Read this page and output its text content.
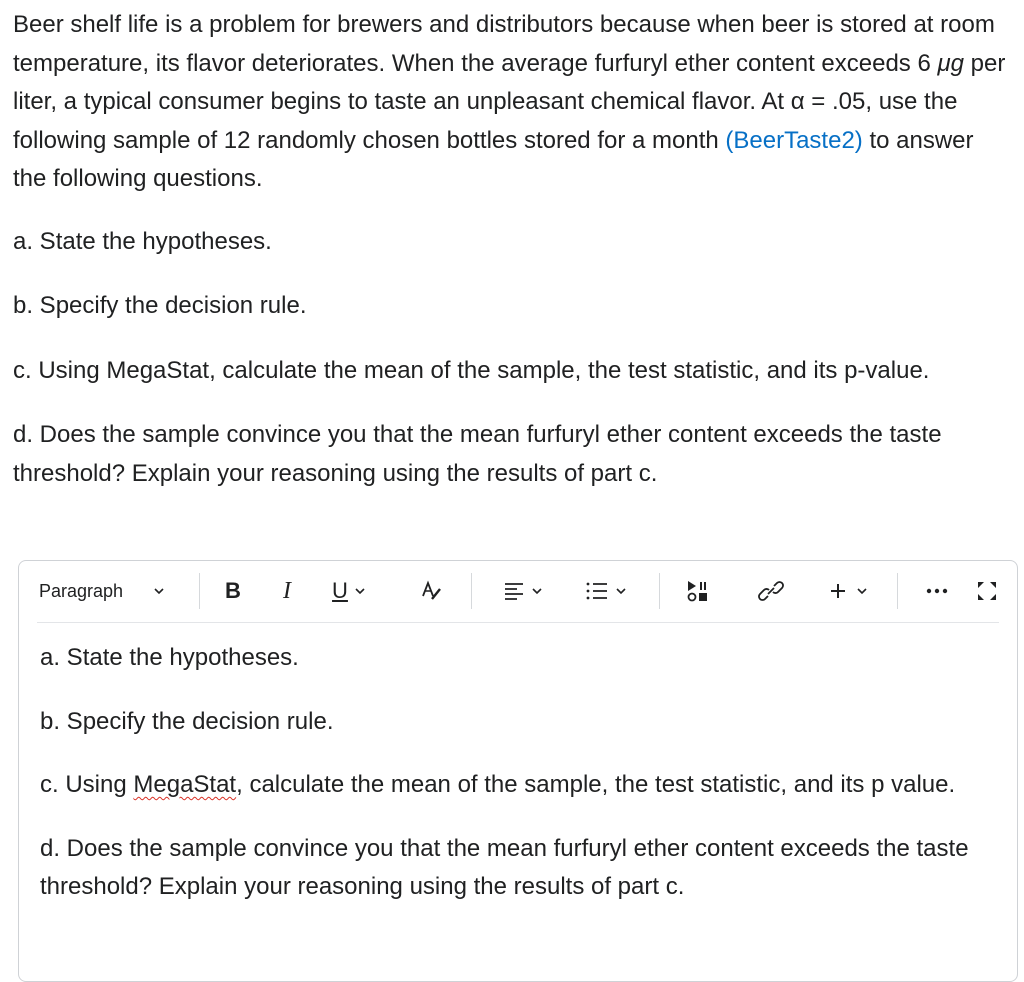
Beer shelf life is a problem for brewers and distributors because when beer is stored at room temperature, its flavor deteriorates. When the average furfuryl ether content exceeds 6 μg per liter, a typical consumer begins to taste an unpleasant chemical flavor. At α = .05, use the following sample of 12 randomly chosen bottles stored for a month (BeerTaste2) to answer the following questions.

a. State the hypotheses.

b. Specify the decision rule.

c. Using MegaStat, calculate the mean of the sample, the test statistic, and its p-value.

d. Does the sample convince you that the mean furfuryl ether content exceeds the taste threshold? Explain your reasoning using the results of part c.

Paragraph	B I U

a. State the hypotheses.

b. Specify the decision rule.

c. Using MegaStat, calculate the mean of the sample, the test statistic, and its p value.

d. Does the sample convince you that the mean furfuryl ether content exceeds the taste threshold? Explain your reasoning using the results of part c.
